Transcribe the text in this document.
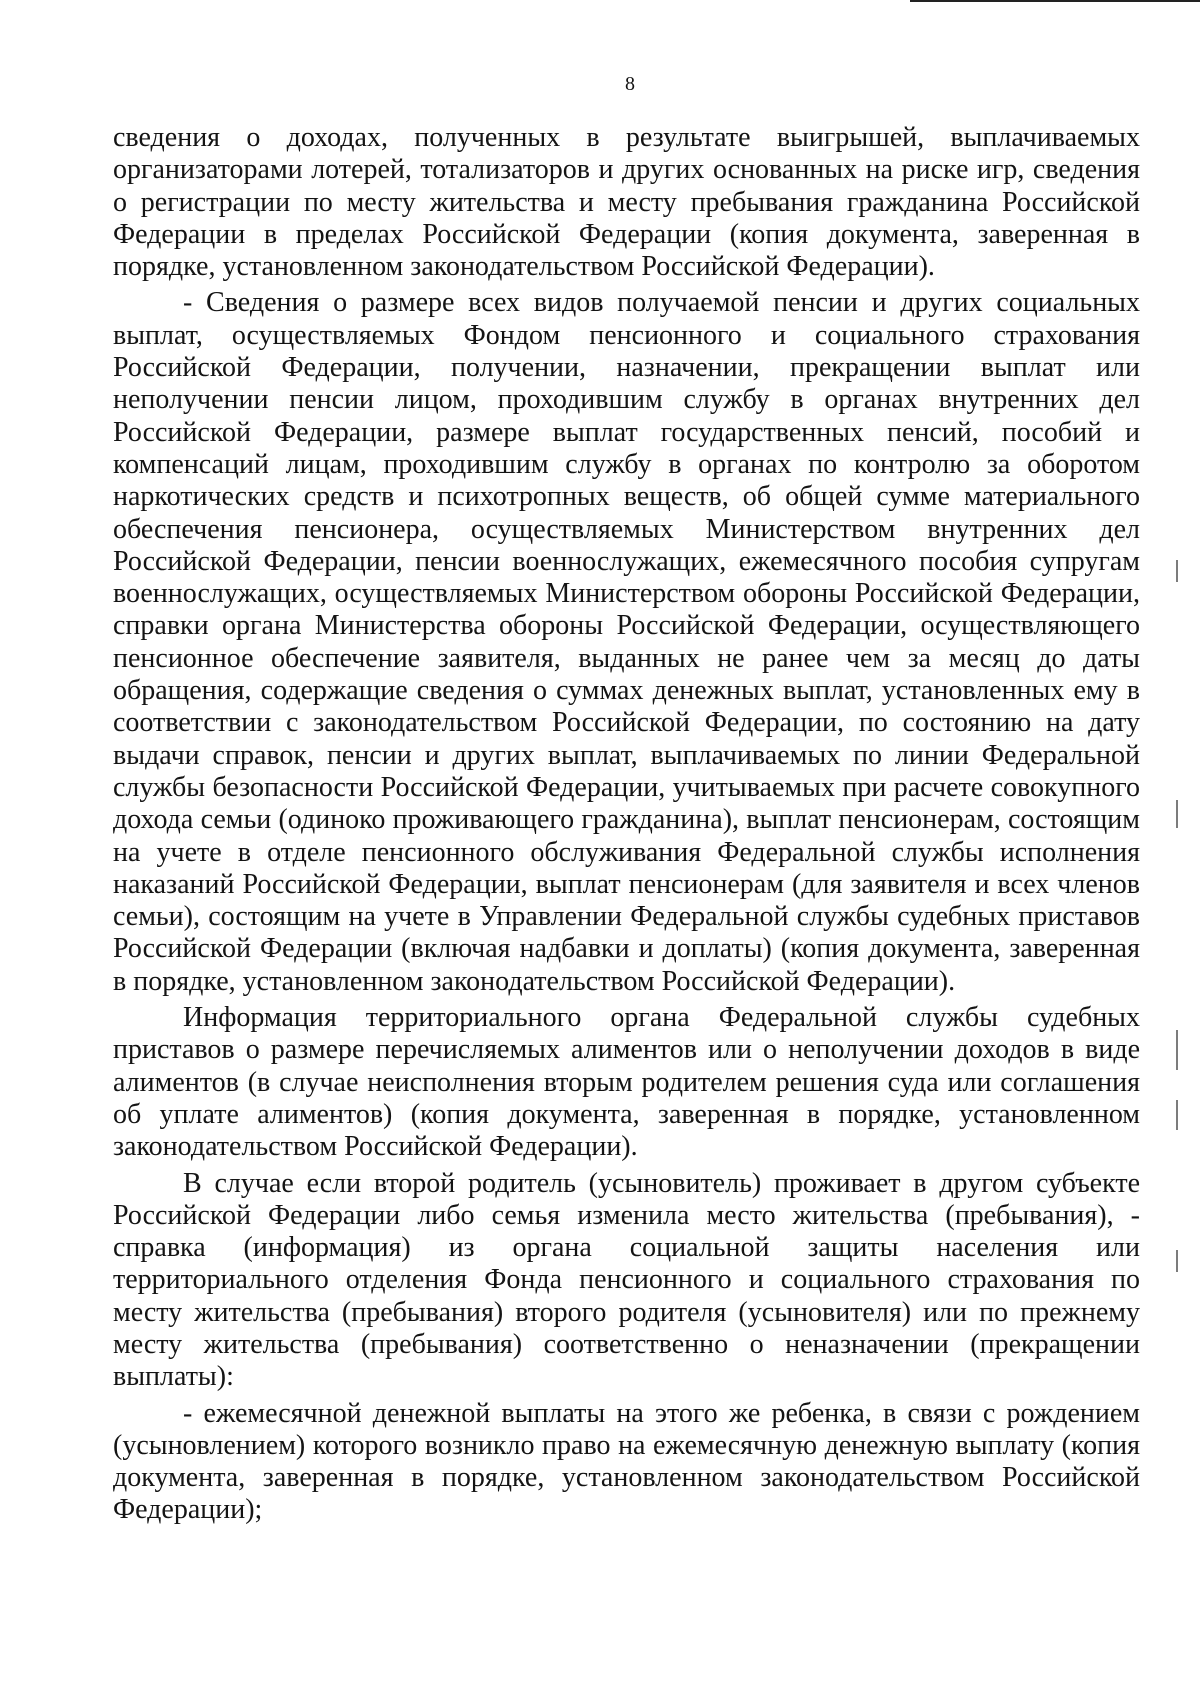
8

сведения о доходах, полученных в результате выигрышей, выплачиваемых организаторами лотерей, тотализаторов и других основанных на риске игр, сведения о регистрации по месту жительства и месту пребывания гражданина Российской Федерации в пределах Российской Федерации (копия документа, заверенная в порядке, установленном законодательством Российской Федерации).

- Сведения о размере всех видов получаемой пенсии и других социальных выплат, осуществляемых Фондом пенсионного и социального страхования Российской Федерации, получении, назначении, прекращении выплат или неполучении пенсии лицом, проходившим службу в органах внутренних дел Российской Федерации, размере выплат государственных пенсий, пособий и компенсаций лицам, проходившим службу в органах по контролю за оборотом наркотических средств и психотропных веществ, об общей сумме материального обеспечения пенсионера, осуществляемых Министерством внутренних дел Российской Федерации, пенсии военнослужащих, ежемесячного пособия супругам военнослужащих, осуществляемых Министерством обороны Российской Федерации, справки органа Министерства обороны Российской Федерации, осуществляющего пенсионное обеспечение заявителя, выданных не ранее чем за месяц до даты обращения, содержащие сведения о суммах денежных выплат, установленных ему в соответствии с законодательством Российской Федерации, по состоянию на дату выдачи справок, пенсии и других выплат, выплачиваемых по линии Федеральной службы безопасности Российской Федерации, учитываемых при расчете совокупного дохода семьи (одиноко проживающего гражданина), выплат пенсионерам, состоящим на учете в отделе пенсионного обслуживания Федеральной службы исполнения наказаний Российской Федерации, выплат пенсионерам (для заявителя и всех членов семьи), состоящим на учете в Управлении Федеральной службы судебных приставов Российской Федерации (включая надбавки и доплаты) (копия документа, заверенная в порядке, установленном законодательством Российской Федерации).

Информация территориального органа Федеральной службы судебных приставов о размере перечисляемых алиментов или о неполучении доходов в виде алиментов (в случае неисполнения вторым родителем решения суда или соглашения об уплате алиментов) (копия документа, заверенная в порядке, установленном законодательством Российской Федерации).

В случае если второй родитель (усыновитель) проживает в другом субъекте Российской Федерации либо семья изменила место жительства (пребывания), - справка (информация) из органа социальной защиты населения или территориального отделения Фонда пенсионного и социального страхования по месту жительства (пребывания) второго родителя (усыновителя) или по прежнему месту жительства (пребывания) соответственно о неназначении (прекращении выплаты):

- ежемесячной денежной выплаты на этого же ребенка, в связи с рождением (усыновлением) которого возникло право на ежемесячную денежную выплату (копия документа, заверенная в порядке, установленном законодательством Российской Федерации);
